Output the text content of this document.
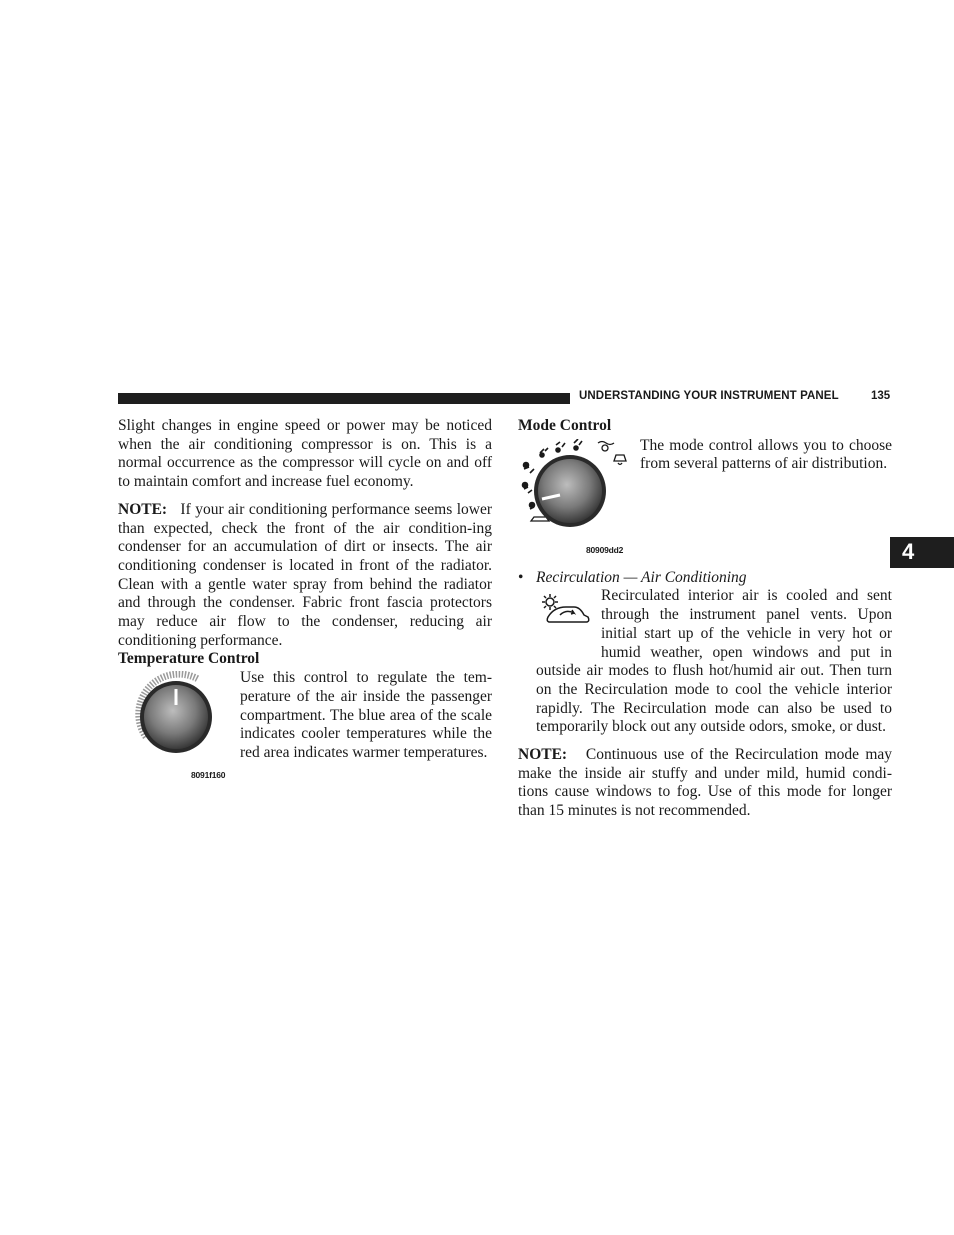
UNDERSTANDING YOUR INSTRUMENT PANEL	135
4

Slight changes in engine speed or power may be noticed when the air conditioning compressor is on. This is a normal occurrence as the compressor will cycle on and off to maintain comfort and increase fuel economy.

NOTE: If your air conditioning performance seems lower than expected, check the front of the air condition-ing condenser for an accumulation of dirt or insects. The air conditioning condenser is located in front of the radiator. Clean with a gentle water spray from behind the radiator and through the condenser. Fabric front fascia protectors may reduce air flow to the condenser, reducing air conditioning performance.

Temperature Control

8091f160

Use this control to regulate the tem-perature of the air inside the passenger compartment. The blue area of the scale indicates cooler temperatures while the red area indicates warmer temperatures.

Mode Control

80909dd2

The mode control allows you to choose from several patterns of air distribution.

• Recirculation — Air Conditioning

Recirculated interior air is cooled and sent through the instrument panel vents. Upon initial start up of the vehicle in very hot or humid weather, open windows and put in outside air modes to flush hot/humid air out. Then turn on the Recirculation mode to cool the vehicle interior rapidly. The Recirculation mode can also be used to temporarily block out any outside odors, smoke, or dust.

NOTE: Continuous use of the Recirculation mode may make the inside air stuffy and under mild, humid condi-tions cause windows to fog. Use of this mode for longer than 15 minutes is not recommended.
